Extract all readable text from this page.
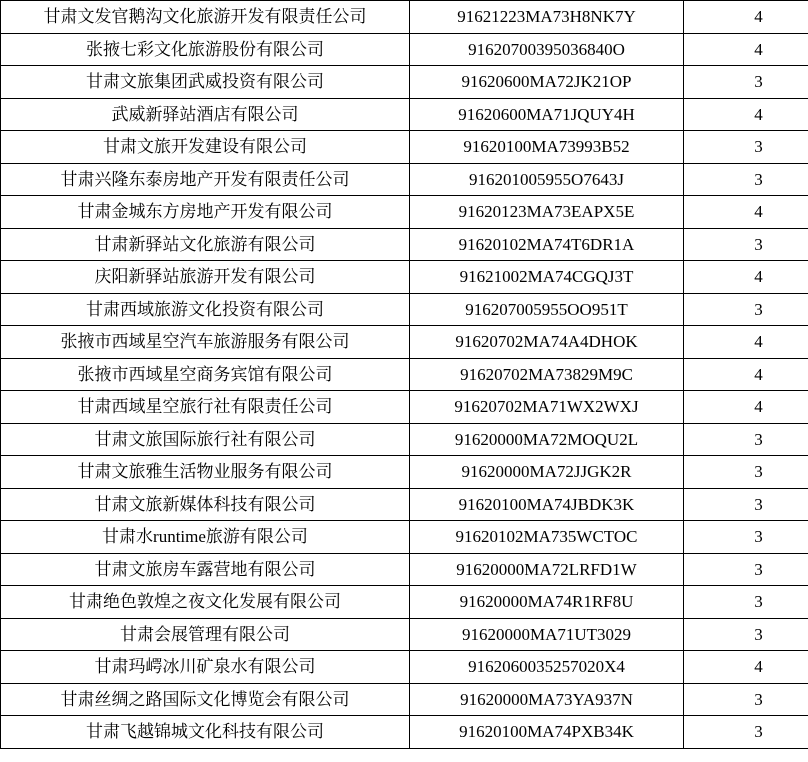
甘肃文发官鹅沟文化旅游开发有限责任公司	91621223MA73H8NK7Y	4
张掖七彩文化旅游股份有限公司	91620700395036840O	4
甘肃文旅集团武威投资有限公司	91620600MA72JK21OP	3
武威新驿站酒店有限公司	91620600MA71JQUY4H	4
甘肃文旅开发建设有限公司	91620100MA73993B52	3
甘肃兴隆东泰房地产开发有限责任公司	916201005955O7643J	3
甘肃金城东方房地产开发有限公司	91620123MA73EAPX5E	4
甘肃新驿站文化旅游有限公司	91620102MA74T6DR1A	3
庆阳新驿站旅游开发有限公司	91621002MA74CGQJ3T	4
甘肃西域旅游文化投资有限公司	916207005955OO951T	3
张掖市西域星空汽车旅游服务有限公司	91620702MA74A4DHOK	4
张掖市西域星空商务宾馆有限公司	91620702MA73829M9C	4
甘肃西域星空旅行社有限责任公司	91620702MA71WX2WXJ	4
甘肃文旅国际旅行社有限公司	91620000MA72MOQU2L	3
甘肃文旅雅生活物业服务有限公司	91620000MA72JJGK2R	3
甘肃文旅新媒体科技有限公司	91620100MA74JBDK3K	3
甘肃水runtime旅游有限公司	91620102MA735WCTOC	3
甘肃文旅房车露营地有限公司	91620000MA72LRFD1W	3
甘肃绝色敦煌之夜文化发展有限公司	91620000MA74R1RF8U	3
甘肃会展管理有限公司	91620000MA71UT3029	3
甘肃玛崿冰川矿泉水有限公司	9162060035257020X4	4
甘肃丝绸之路国际文化博览会有限公司	91620000MA73YA937N	3
甘肃飞越锦城文化科技有限公司	91620100MA74PXB34K	3
